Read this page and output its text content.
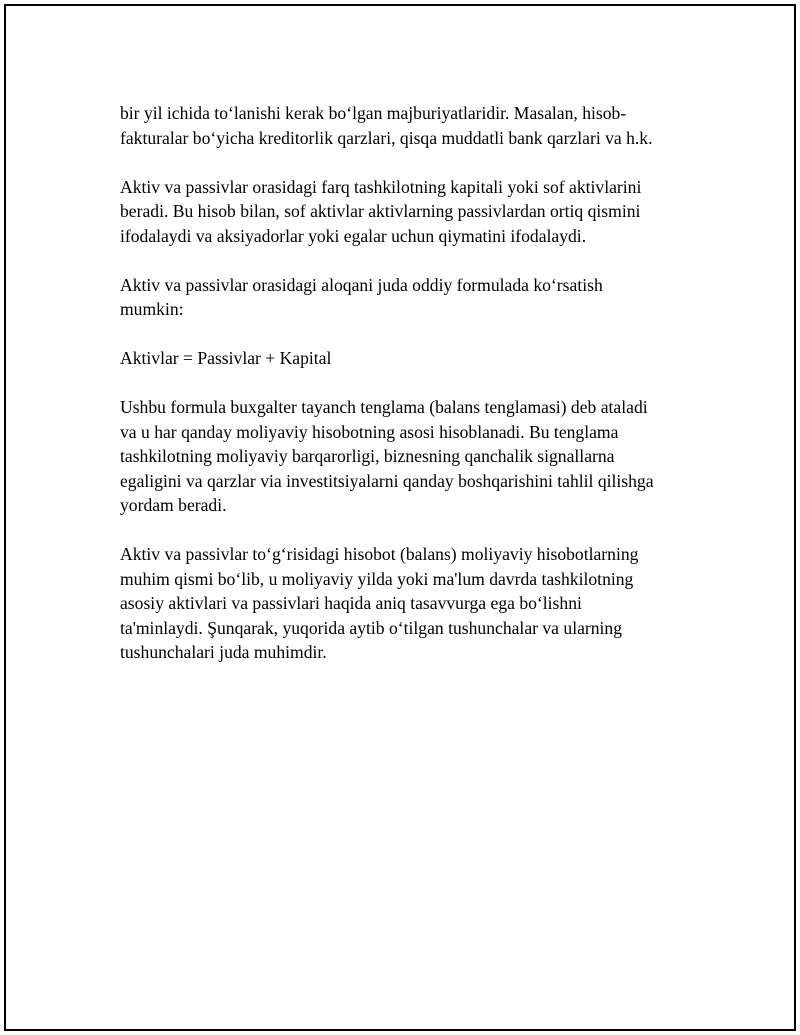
bir yil ichida to‘lanishi kerak bo‘lgan majburiyatlaridir. Masalan, hisob-
fakturalar bo‘yicha kreditorlik qarzlari, qisqa muddatli bank qarzlari va h.k.

Aktiv va passivlar orasidagi farq tashkilotning kapitali yoki sof aktivlarini
beradi. Bu hisob bilan, sof aktivlar aktivlarning passivlardan ortiq qismini
ifodalaydi va aksiyadorlar yoki egalar uchun qiymatini ifodalaydi.

Aktiv va passivlar orasidagi aloqani juda oddiy formulada ko‘rsatish
mumkin:

Aktivlar = Passivlar + Kapital

Ushbu formula buxgalter tayanch tenglama (balans tenglamasi) deb ataladi
va u har qanday moliyaviy hisobotning asosi hisoblanadi. Bu tenglama
tashkilotning moliyaviy barqarorligi, biznesning qanchalik signallarna
egaligini va qarzlar via investitsiyalarni qanday boshqarishini tahlil qilishga
yordam beradi.

Aktiv va passivlar to‘g‘risidagi hisobot (balans) moliyaviy hisobotlarning
muhim qismi bo‘lib, u moliyaviy yilda yoki ma'lum davrda tashkilotning
asosiy aktivlari va passivlari haqida aniq tasavvurga ega bo‘lishni
ta'minlaydi. Şunqarak, yuqorida aytib o‘tilgan tushunchalar va ularning
tushunchalari juda muhimdir.
